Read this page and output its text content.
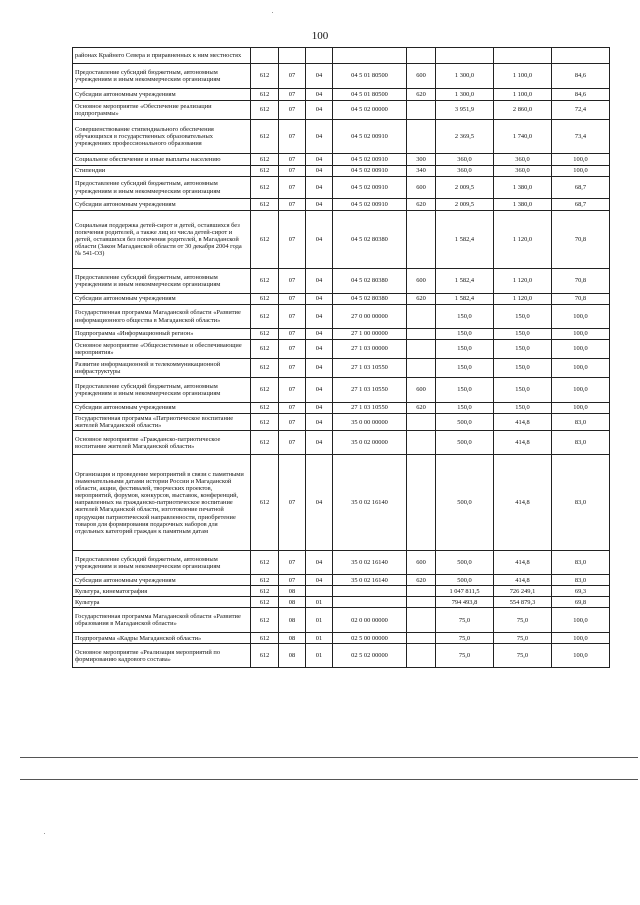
100
районах Крайнего Севера и приравненных к ним местностях								
Предоставление субсидий бюджетным, автономным учреждениям и иным некоммерческим организациям	612	07	04	04 5 01 80500	600	1 300,0	1 100,0	84,6
Субсидии автономным учреждениям	612	07	04	04 5 01 80500	620	1 300,0	1 100,0	84,6
Основное мероприятие «Обеспечение реализации подпрограммы»	612	07	04	04 5 02 00000		3 951,9	2 860,0	72,4
Совершенствование стипендиального обеспечения обучающихся в государственных образовательных учреждениях профессионального образования	612	07	04	04 5 02 00910		2 369,5	1 740,0	73,4
Социальное обеспечение и иные выплаты населению	612	07	04	04 5 02 00910	300	360,0	360,0	100,0
Стипендии	612	07	04	04 5 02 00910	340	360,0	360,0	100,0
Предоставление субсидий бюджетным, автономным учреждениям и иным некоммерческим организациям	612	07	04	04 5 02 00910	600	2 009,5	1 380,0	68,7
Субсидии автономным учреждениям	612	07	04	04 5 02 00910	620	2 009,5	1 380,0	68,7
Социальная поддержка детей-сирот и детей, оставшихся без попечения родителей, а также лиц из числа детей-сирот и детей, оставшихся без попечения родителей, в Магаданской области (Закон Магаданской области от 30 декабря 2004 года № 541-ОЗ)	612	07	04	04 5 02 80380		1 582,4	1 120,0	70,8
Предоставление субсидий бюджетным, автономным учреждениям и иным некоммерческим организациям	612	07	04	04 5 02 80380	600	1 582,4	1 120,0	70,8
Субсидии автономным учреждениям	612	07	04	04 5 02 80380	620	1 582,4	1 120,0	70,8
Государственная программа Магаданской области «Развитие информационного общества в Магаданской области»	612	07	04	27 0 00 00000		150,0	150,0	100,0
Подпрограмма «Информационный регион»	612	07	04	27 1 00 00000		150,0	150,0	100,0
Основное мероприятие «Общесистемные и обеспечивающие мероприятия»	612	07	04	27 1 03 00000		150,0	150,0	100,0
Развитие информационной и телекоммуникационной инфраструктуры	612	07	04	27 1 03 10550		150,0	150,0	100,0
Предоставление субсидий бюджетным, автономным учреждениям и иным некоммерческим организациям	612	07	04	27 1 03 10550	600	150,0	150,0	100,0
Субсидии автономным учреждениям	612	07	04	27 1 03 10550	620	150,0	150,0	100,0
Государственная программа «Патриотическое воспитание жителей Магаданской области»	612	07	04	35 0 00 00000		500,0	414,8	83,0
Основное мероприятие «Гражданско-патриотическое воспитание жителей Магаданской области»	612	07	04	35 0 02 00000		500,0	414,8	83,0
Организация и проведение мероприятий в связи с памятными знаменательными датами истории России и Магаданской области, акции, фестивалей, творческих проектов, мероприятий, форумов, конкурсов, выставок, конференций, направленных на гражданско-патриотическое воспитание жителей Магаданской области, изготовление печатной продукции патриотической направленности, приобретение товаров для формирования подарочных наборов для отдельных категорий граждан к памятным датам	612	07	04	35 0 02 16140		500,0	414,8	83,0
Предоставление субсидий бюджетным, автономным учреждениям и иным некоммерческим организациям	612	07	04	35 0 02 16140	600	500,0	414,8	83,0
Субсидии автономным учреждениям	612	07	04	35 0 02 16140	620	500,0	414,8	83,0
Культура, кинематография	612	08				1 047 811,5	726 249,1	69,3
Культура	612	08	01			794 493,8	554 879,3	69,8
Государственная программа Магаданской области «Развитие образования в Магаданской области»	612	08	01	02 0 00 00000		75,0	75,0	100,0
Подпрограмма «Кадры Магаданской области»	612	08	01	02 5 00 00000		75,0	75,0	100,0
Основное мероприятие «Реализация мероприятий по формированию кадрового состава»	612	08	01	02 5 02 00000		75,0	75,0	100,0
